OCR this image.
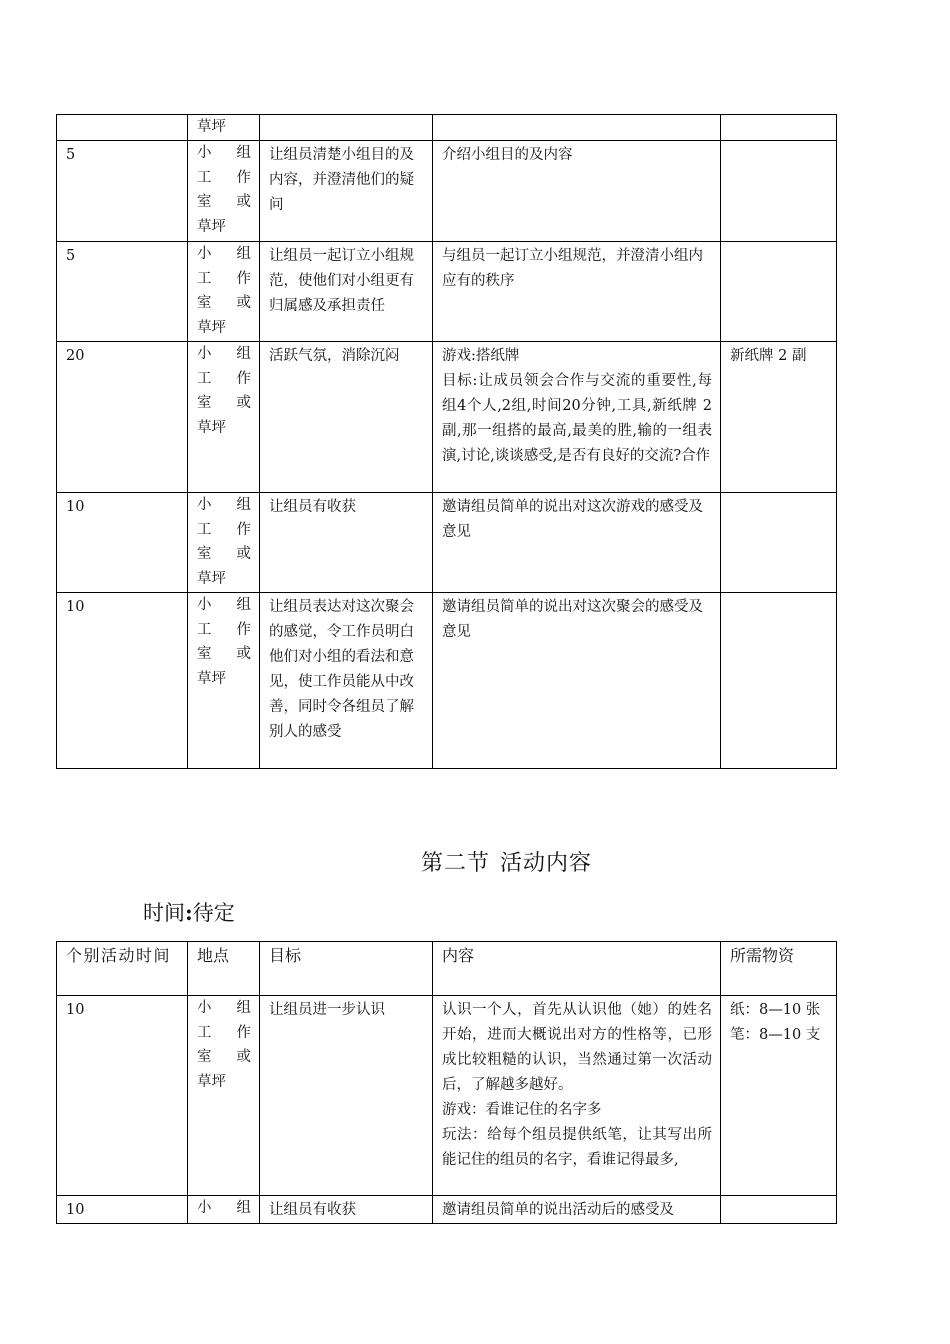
	草坪			

5	小　组
工　作
室　或
草坪	让组员清楚小组目的及内容，并澄清他们的疑问	介绍小组目的及内容	
5	小　组
工　作
室　或
草坪	让组员一起订立小组规范，使他们对小组更有归属感及承担责任	与组员一起订立小组规范，并澄清小组内应有的秩序	
20	小　组
工　作
室　或
草坪	活跃气氛，消除沉闷	游戏:搭纸牌
目标:让成员领会合作与交流的重要性,每组4个人,2组,时间20分钟,工具,新纸牌 2 副,那一组搭的最高,最美的胜,输的一组表演,讨论,谈谈感受,是否有良好的交流?合作	新纸牌 2 副
10	小　组
工　作
室　或
草坪	让组员有收获	邀请组员简单的说出对这次游戏的感受及意见	
10	小　组
工　作
室　或
草坪	让组员表达对这次聚会的感觉，令工作员明白他们对小组的看法和意见，使工作员能从中改善，同时令各组员了解别人的感受	邀请组员简单的说出对这次聚会的感受及意见	
第二节 活动内容
时间:待定
个别活动时间	地点	目标	内容	所需物资
10	小　组
工　作
室　或
草坪	让组员进一步认识	认识一个人，首先从认识他（她）的姓名开始，进而大概说出对方的性格等，已形成比较粗糙的认识，当然通过第一次活动后，了解越多越好。
游戏：看谁记住的名字多
玩法：给每个组员提供纸笔，让其写出所能记住的组员的名字，看谁记得最多,	纸：8—10 张
笔：8—10 支

10	小　组	让组员有收获	邀请组员简单的说出活动后的感受及	
